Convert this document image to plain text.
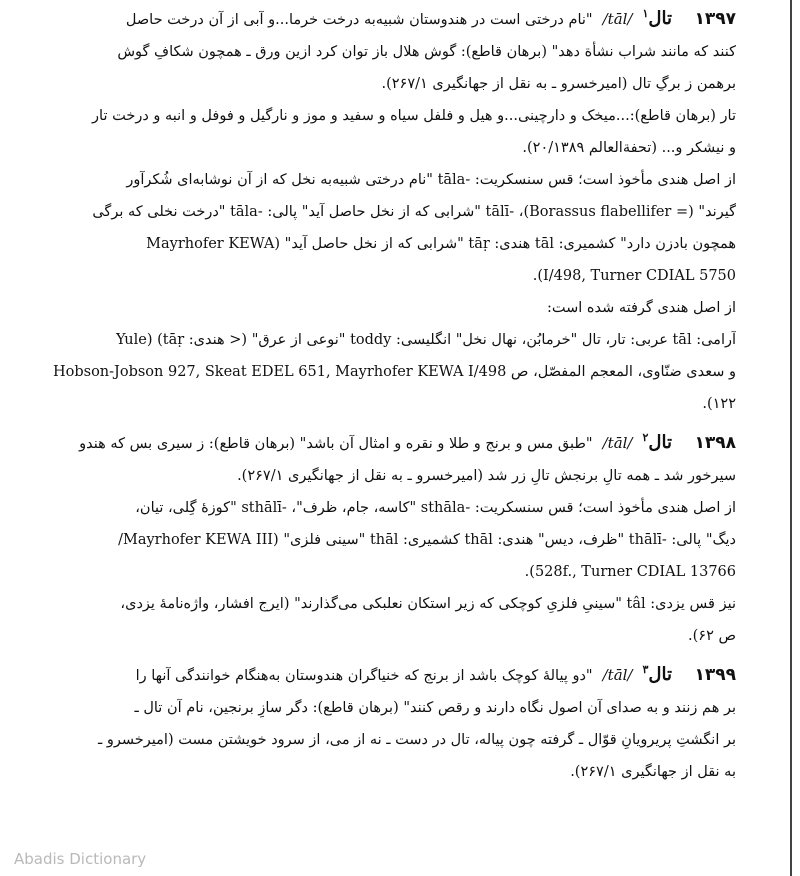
۱۳۹۷
تال$^۱$
/tāl/

"نام درختی است در هندوستان شبیه‌به درخت خرما...و آبی از آن درخت حاصل

کنند که مانند شراب نشأة دهد" (برهان قاطع): گوش هلال باز توان کرد ازین ورق ـ همچون شکافِ گوش

برهمن ز برگِ تال (امیرخسرو ـ به نقل از جهانگیری ۲۶۷/۱).

تار (برهان قاطع):...میخک و دارچینی...و هیل و فلفل سیاه و سفید و موز و نارگیل و فوفل و انبه و درخت تار

و نیشکر و... (تحفة‌العالم ۲۰/۱۳۸۹).

از اصل هندی مأخوذ است؛ قس سنسکریت: -tāla "نام درختی شبیه‌به نخل که از آن نوشابه‌ای شُکرآور

گیرند" (= Borassus flabellifer)، -tālī "شرابی که از نخل حاصل آید" پالی: -tāla "درخت نخلی که برگی

همچون بادزن دارد" کشمیری: tāl هندی: tāṛ "شرابی که از نخل حاصل آید" (Mayrhofer KEWA

I/498, Turner CDIAL 5750).

از اصل هندی گرفته شده است:

آرامی: tāl عربی: تار، تال "خرمابُن، نهال نخل" انگلیسی: toddy "نوعی از عرق" (< هندی: tāṛ) (Yule

و سعدی ضنّاوی، المعجم المفصّل، ص Hobson-Jobson 927, Skeat EDEL 651, Mayrhofer KEWA I/498

۱۲۲).

۱۳۹۸
تال$^۲$
/tāl/

"طبق مس و برنج و طلا و نقره و امثال آن باشد" (برهان قاطع): ز سیری بس که هندو

سیرخور شد ـ همه تالِ برنجش تالِ زر شد (امیرخسرو ـ به نقل از جهانگیری ۲۶۷/۱).

از اصل هندی مأخوذ است؛ قس سنسکریت: -sthāla "کاسه، جام، ظرف"، -sthālī "کوزهٔ گِلی، تیان،

دیگ" پالی: -thālī "ظرف، دیس" هندی: thāl کشمیری: thāl "سینی فلزی" (Mayrhofer KEWA III/

528f., Turner CDIAL 13766).

نیز قس یزدی: tâl "سینیِ فلزیِ کوچکی که زیر استکان نعلبکی می‌گذارند" (ایرج افشار، واژه‌نامهٔ یزدی،

ص ۶۲).

۱۳۹۹
تال$^۳$
/tāl/

"دو پیالهٔ کوچک باشد از برنج که خنیاگران هندوستان به‌هنگام خوانندگی آنها را

بر هم زنند و به صدای آن اصول نگاه دارند و رقص کنند" (برهان قاطع): دگر سازِ برنجین، نام آن تال ـ

بر انگشتِ پریرویانِ قوّال ـ گرفته چون پیاله، تال در دست ـ نه از می، از سرود خویشتن مست (امیرخسرو ـ

به نقل از جهانگیری ۲۶۷/۱).

Abadis Dictionary
